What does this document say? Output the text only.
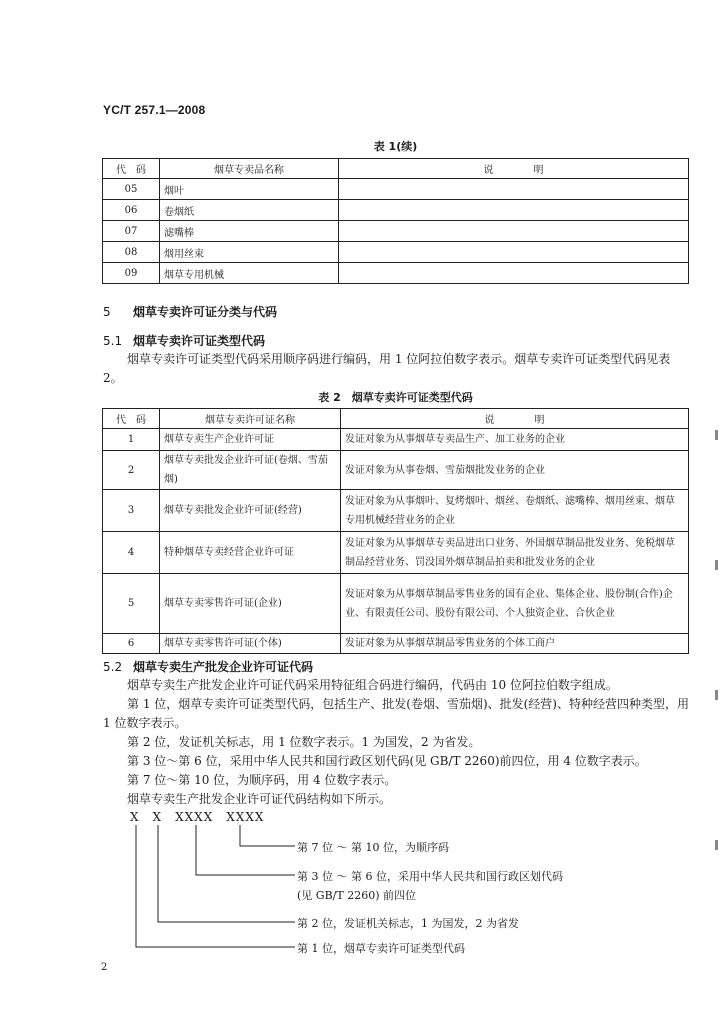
YC/T 257.1—2008
表 1(续)
代　码	烟草专卖品名称	说　　　　明
05	烟叶	
06	卷烟纸	
07	滤嘴棒	
08	烟用丝束	
09	烟草专用机械	
5 烟草专卖许可证分类与代码
5.1 烟草专卖许可证类型代码
烟草专卖许可证类型代码采用顺序码进行编码，用 1 位阿拉伯数字表示。烟草专卖许可证类型代码见表 2。
表 2　烟草专卖许可证类型代码
代　码	烟草专卖许可证名称	说　　　　明
1	烟草专卖生产企业许可证	发证对象为从事烟草专卖品生产、加工业务的企业
2	烟草专卖批发企业许可证(卷烟、雪茄烟)	发证对象为从事卷烟、雪茄烟批发业务的企业
3	烟草专卖批发企业许可证(经营)	发证对象为从事烟叶、复烤烟叶、烟丝、卷烟纸、滤嘴棒、烟用丝束、烟草专用机械经营业务的企业
4	特种烟草专卖经营企业许可证	发证对象为从事烟草专卖品进出口业务、外国烟草制品批发业务、免税烟草制品经营业务、罚没国外烟草制品拍卖和批发业务的企业
5	烟草专卖零售许可证(企业)	发证对象为从事烟草制品零售业务的国有企业、集体企业、股份制(合作)企业、有限责任公司、股份有限公司、个人独资企业、合伙企业
6	烟草专卖零售许可证(个体)	发证对象为从事烟草制品零售业务的个体工商户
5.2 烟草专卖生产批发企业许可证代码
烟草专卖生产批发企业许可证代码采用特征组合码进行编码，代码由 10 位阿拉伯数字组成。
第 1 位，烟草专卖许可证类型代码，包括生产、批发(卷烟、雪茄烟)、批发(经营)、特种经营四种类型，用 1 位数字表示。
第 2 位，发证机关标志，用 1 位数字表示。1 为国发，2 为省发。
第 3 位～第 6 位，采用中华人民共和国行政区划代码(见 GB/T 2260)前四位，用 4 位数字表示。
第 7 位～第 10 位，为顺序码，用 4 位数字表示。
烟草专卖生产批发企业许可证代码结构如下所示。
X　X　XXXX　XXXX
第 7 位 ～ 第 10 位，为顺序码
第 3 位 ～ 第 6 位，采用中华人民共和国行政区划代码
(见 GB/T 2260) 前四位
第 2 位，发证机关标志，1 为国发，2 为省发
第 1 位，烟草专卖许可证类型代码
2
